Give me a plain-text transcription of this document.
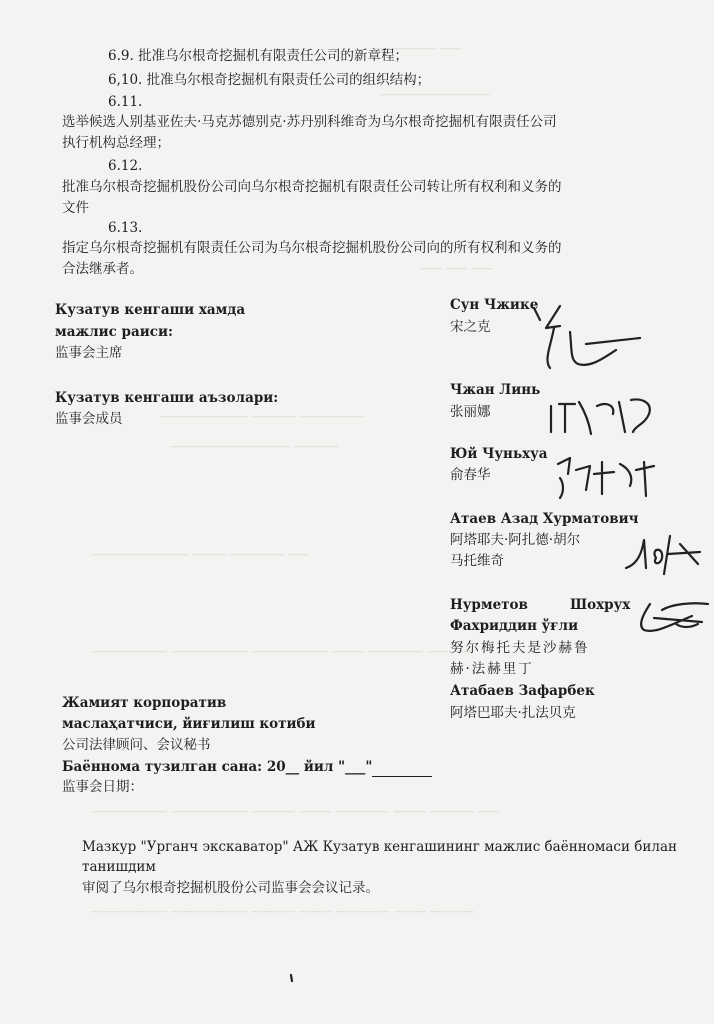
—————— ——
——————————
—— —— ——
———————— ———— ——————
——————————— ————
————————— ——— ————— ——
——————— ——————— ——————— ——— ————— ————
——————— ——————— ———— ——— ————— ——— ———— ——
——————— ——————— ———— ——— ————— ——— ————
6.9. 批准乌尔根奇挖掘机有限责任公司的新章程；
6,10. 批准乌尔根奇挖掘机有限责任公司的组织结构；
6.11.
选举候选人别基亚佐夫·马克苏德别克·苏丹别科维奇为乌尔根奇挖掘机有限责任公司
执行机构总经理；
6.12.
批准乌尔根奇挖掘机股份公司向乌尔根奇挖掘机有限责任公司转让所有权利和义务的
文件
6.13.
指定乌尔根奇挖掘机有限责任公司为乌尔根奇挖掘机股份公司向的所有权利和义务的
合法继承者。
Кузатув кенгаши хамда
мажлис раиси:
监事会主席
Сун Чжике
宋之克
Кузатув кенгаши аъзолари:
监事会成员
Чжан Линь
张丽娜
Юй Чуньхуа
俞春华
Атаев Азад Хурматович
阿塔耶夫·阿扎德·胡尔
马托维奇
Нурметов	Шохрух
Фахриддин ўғли
努尔梅托夫是沙赫鲁
赫·法赫里丁
Атабаев Зафарбек
阿塔巴耶夫·扎法贝克
Жамият корпоратив
маслаҳатчиси, йиғилиш котиби
公司法律顾问、会议秘书
Баённома тузилган сана: 20__ йил "___"
监事会日期：
Мазкур "Урганч экскаватор" АЖ Кузатув кенгашининг мажлис баённомаси билан
танишдим
审阅了乌尔根奇挖掘机股份公司监事会会议记录。
